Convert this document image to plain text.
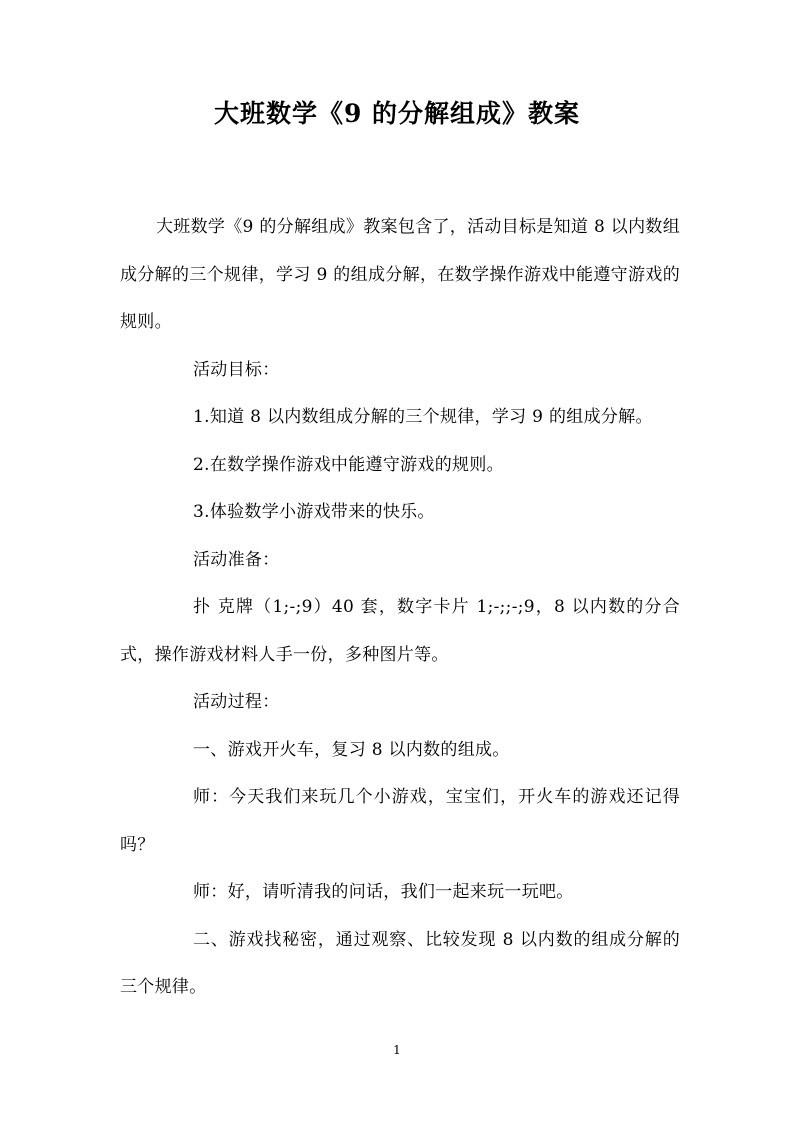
大班数学《9 的分解组成》教案

大班数学《9 的分解组成》教案包含了，活动目标是知道 8 以内数组成分解的三个规律，学习 9 的组成分解，在数学操作游戏中能遵守游戏的规则。

活动目标：

1.知道 8 以内数组成分解的三个规律，学习 9 的组成分解。

2.在数学操作游戏中能遵守游戏的规则。

3.体验数学小游戏带来的快乐。

活动准备：

扑 克牌（1;-;9）40 套，数字卡片 1;-;;-;9，8 以内数的分合式，操作游戏材料人手一份，多种图片等。

活动过程：

一、游戏开火车，复习 8 以内数的组成。

师：今天我们来玩几个小游戏，宝宝们，开火车的游戏还记得吗？

师：好，请听清我的问话，我们一起来玩一玩吧。

二、游戏找秘密，通过观察、比较发现 8 以内数的组成分解的三个规律。

1
